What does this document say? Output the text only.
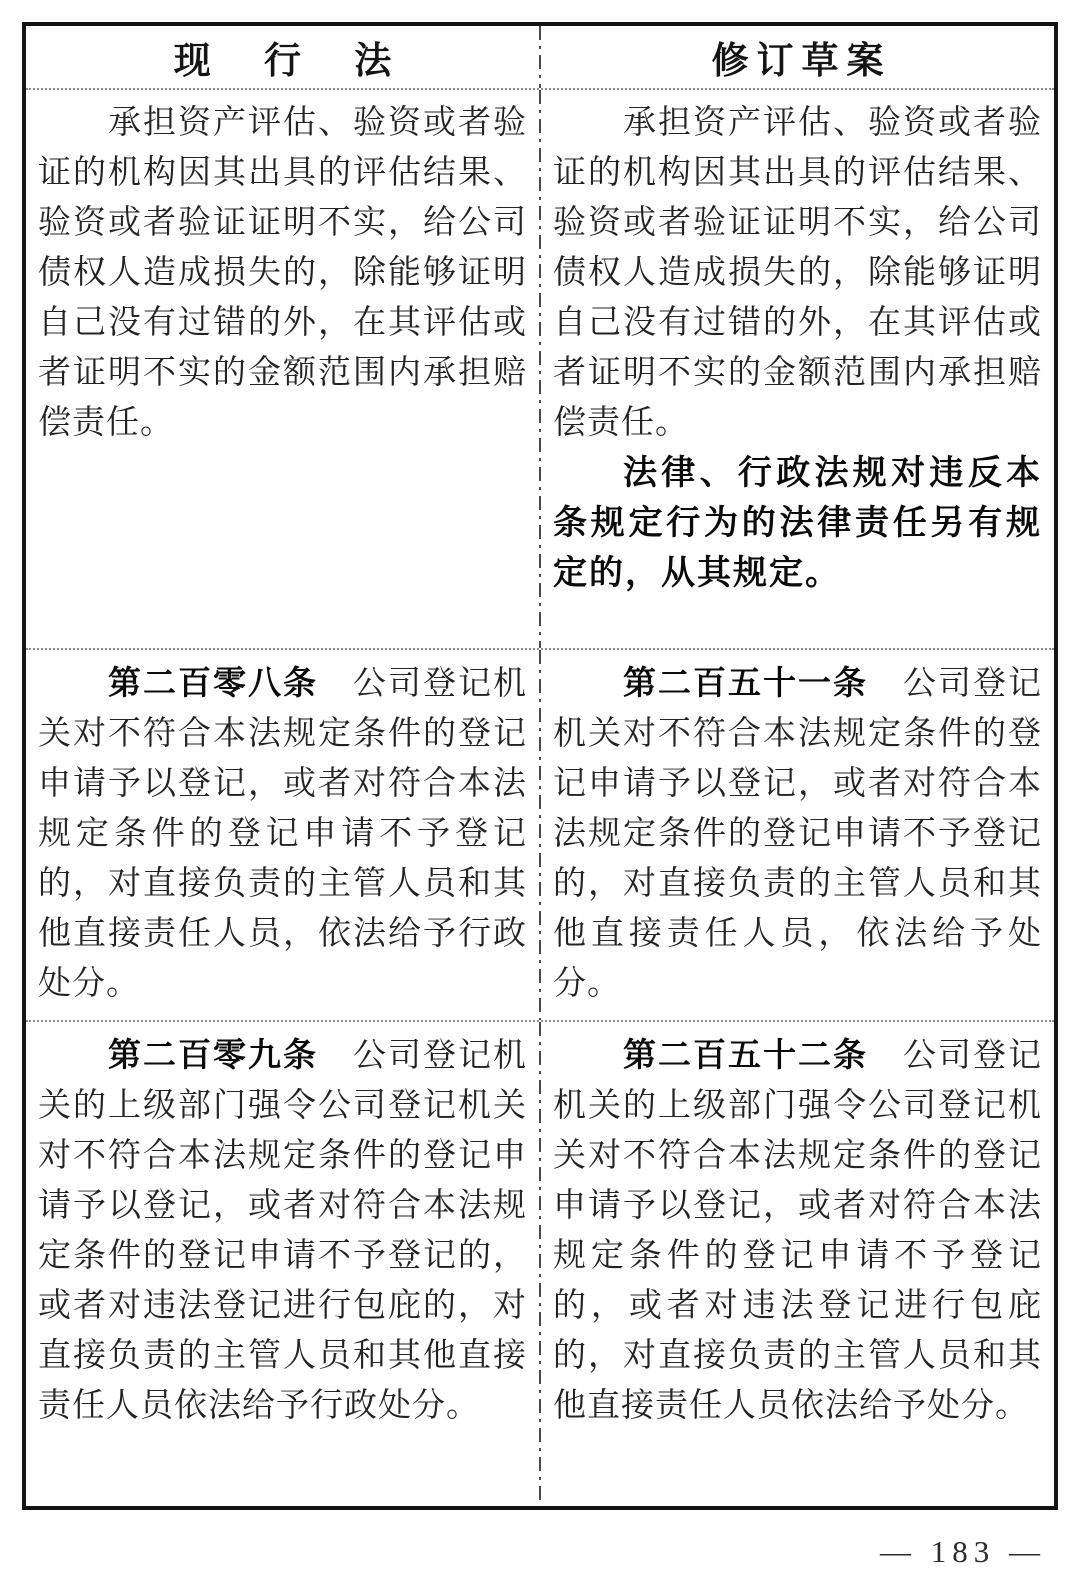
现 行 法	修订草案

承担资产评估、验资或者验证的机构因其出具的评估结果、验资或者验证证明不实，给公司债权人造成损失的，除能够证明自己没有过错的外，在其评估或者证明不实的金额范围内承担赔偿责任。

承担资产评估、验资或者验证的机构因其出具的评估结果、验资或者验证证明不实，给公司债权人造成损失的，除能够证明自己没有过错的外，在其评估或者证明不实的金额范围内承担赔偿责任。

法律、行政法规对违反本条规定行为的法律责任另有规定的，从其规定。

第二百零八条　公司登记机关对不符合本法规定条件的登记申请予以登记，或者对符合本法规定条件的登记申请不予登记的，对直接负责的主管人员和其他直接责任人员，依法给予行政处分。

第二百五十一条　公司登记机关对不符合本法规定条件的登记申请予以登记，或者对符合本法规定条件的登记申请不予登记的，对直接负责的主管人员和其他直接责任人员，依法给予处分。

第二百零九条　公司登记机关的上级部门强令公司登记机关对不符合本法规定条件的登记申请予以登记，或者对符合本法规定条件的登记申请不予登记的，或者对违法登记进行包庇的，对直接负责的主管人员和其他直接责任人员依法给予行政处分。

第二百五十二条　公司登记机关的上级部门强令公司登记机关对不符合本法规定条件的登记申请予以登记，或者对符合本法规定条件的登记申请不予登记的，或者对违法登记进行包庇的，对直接负责的主管人员和其他直接责任人员依法给予处分。

— 183 —
